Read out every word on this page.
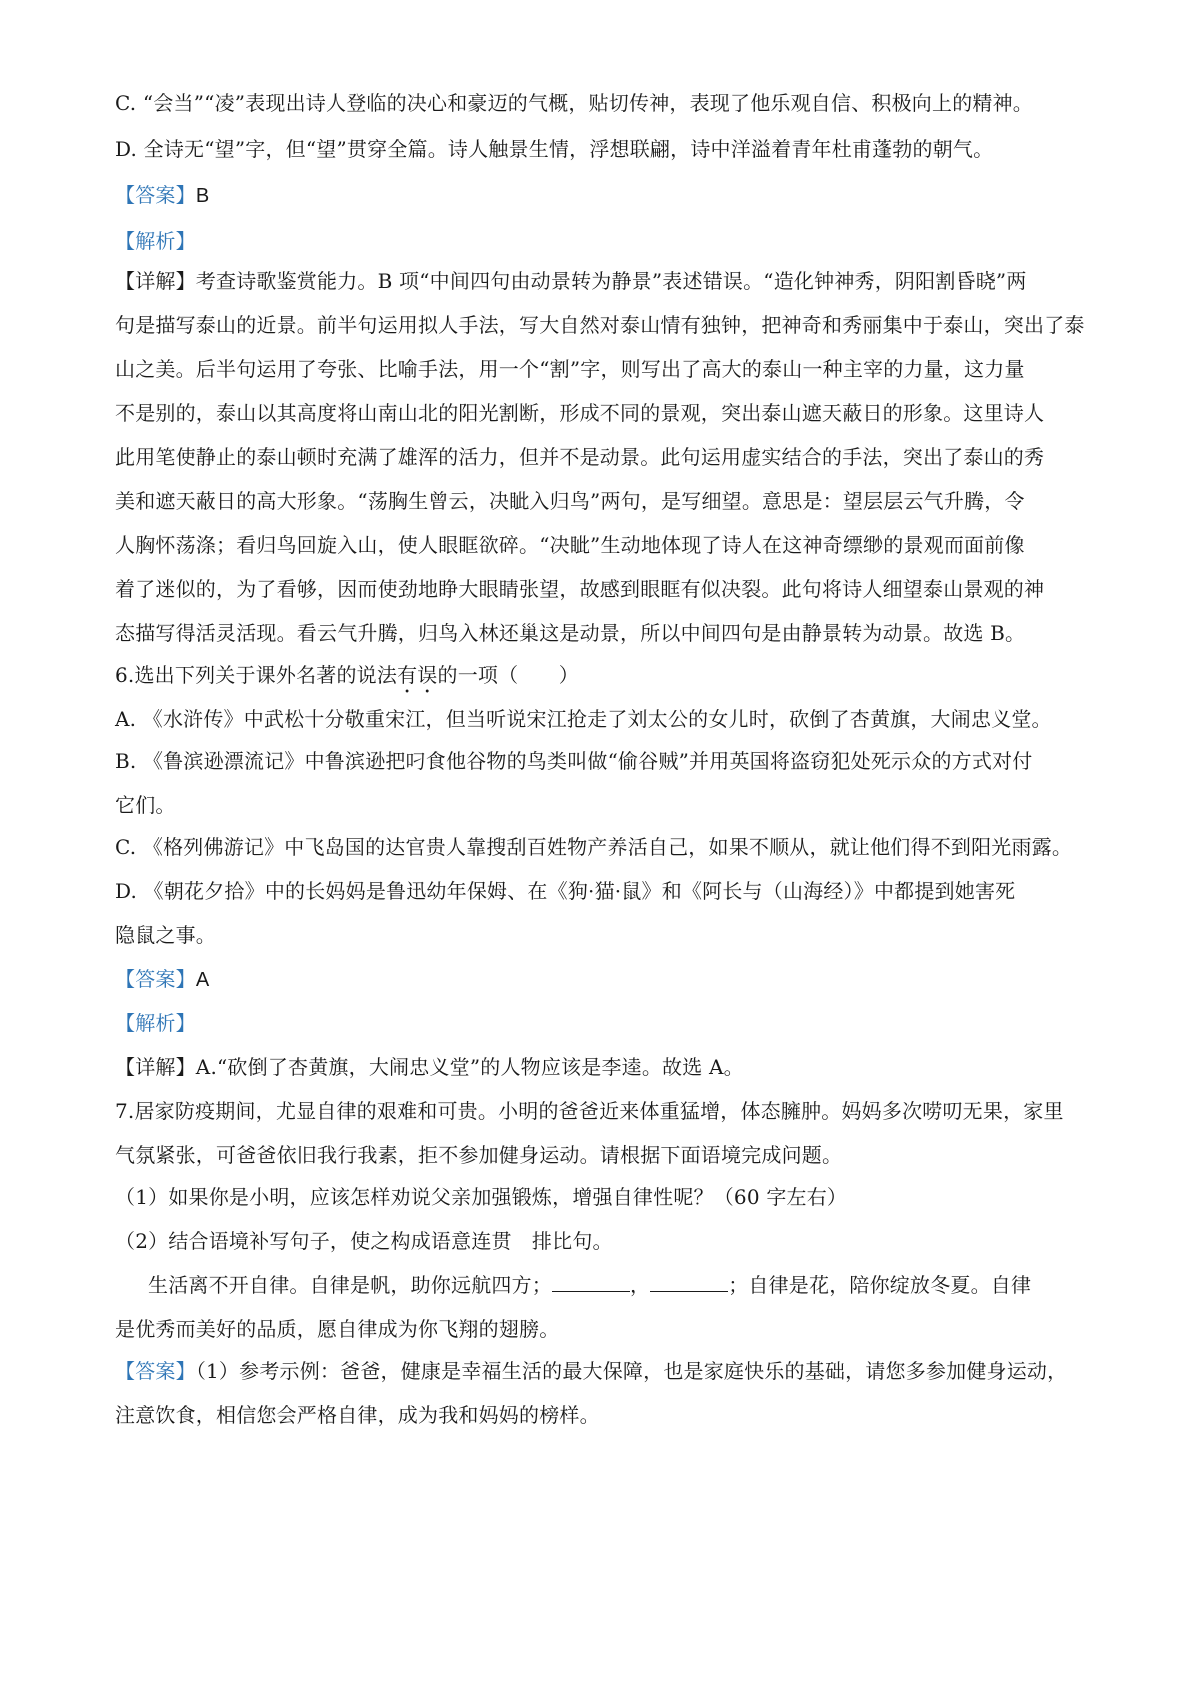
C. “会当”“凌”表现出诗人登临的决心和豪迈的气概，贴切传神，表现了他乐观自信、积极向上的精神。
D. 全诗无“望”字，但“望”贯穿全篇。诗人触景生情，浮想联翩，诗中洋溢着青年杜甫蓬勃的朝气。
【答案】B
【解析】
【详解】考查诗歌鉴赏能力。B 项“中间四句由动景转为静景”表述错误。“造化钟神秀，阴阳割昏晓”两
句是描写泰山的近景。前半句运用拟人手法，写大自然对泰山情有独钟，把神奇和秀丽集中于泰山，突出了泰
山之美。后半句运用了夸张、比喻手法，用一个“割”字，则写出了高大的泰山一种主宰的力量，这力量
不是别的，泰山以其高度将山南山北的阳光割断，形成不同的景观，突出泰山遮天蔽日的形象。这里诗人
此用笔使静止的泰山顿时充满了雄浑的活力，但并不是动景。此句运用虚实结合的手法，突出了泰山的秀
美和遮天蔽日的高大形象。“荡胸生曾云，决眦入归鸟”两句，是写细望。意思是：望层层云气升腾，令
人胸怀荡涤；看归鸟回旋入山，使人眼眶欲碎。“决眦”生动地体现了诗人在这神奇缥缈的景观而面前像
着了迷似的，为了看够，因而使劲地睁大眼睛张望，故感到眼眶有似决裂。此句将诗人细望泰山景观的神
态描写得活灵活现。看云气升腾，归鸟入林还巢这是动景，所以中间四句是由静景转为动景。故选 B。
6.选出下列关于课外名著的说法有误的一项（　　）
A. 《水浒传》中武松十分敬重宋江，但当听说宋江抢走了刘太公的女儿时，砍倒了杏黄旗，大闹忠义堂。
B. 《鲁滨逊漂流记》中鲁滨逊把叼食他谷物的鸟类叫做“偷谷贼”并用英国将盗窃犯处死示众的方式对付
它们。
C. 《格列佛游记》中飞岛国的达官贵人靠搜刮百姓物产养活自己，如果不顺从，就让他们得不到阳光雨露。
D. 《朝花夕拾》中的长妈妈是鲁迅幼年保姆、在《狗·猫·鼠》和《阿长与（山海经）》中都提到她害死
隐鼠之事。
【答案】A
【解析】
【详解】A.“砍倒了杏黄旗，大闹忠义堂”的人物应该是李逵。故选 A。
7.居家防疫期间，尤显自律的艰难和可贵。小明的爸爸近来体重猛增，体态臃肿。妈妈多次唠叨无果，家里
气氛紧张，可爸爸依旧我行我素，拒不参加健身运动。请根据下面语境完成问题。
（1）如果你是小明，应该怎样劝说父亲加强锻炼，增强自律性呢？（60 字左右）
（2）结合语境补写句子，使之构成语意连贯　排比句。
生活离不开自律。自律是帆，助你远航四方；	，	；自律是花，陪你绽放冬夏。自律
是优秀而美好的品质，愿自律成为你飞翔的翅膀。
【答案】（1）参考示例：爸爸，健康是幸福生活的最大保障，也是家庭快乐的基础，请您多参加健身运动，
注意饮食，相信您会严格自律，成为我和妈妈的榜样。
